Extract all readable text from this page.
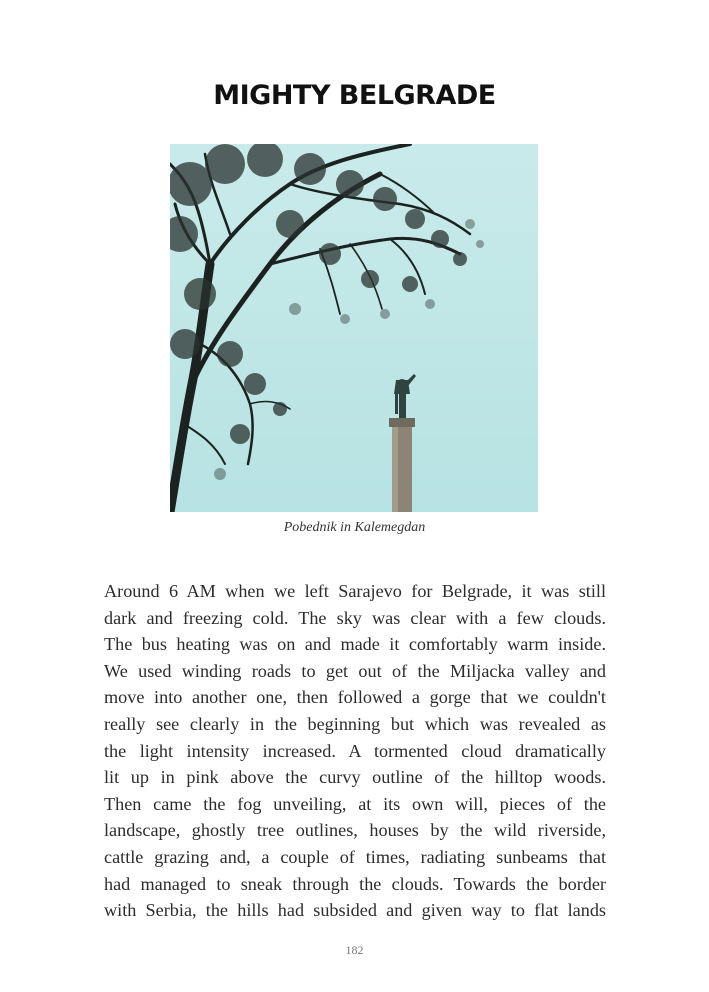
MIGHTY BELGRADE
Pobednik in Kalemegdan
Around 6 AM when we left Sarajevo for Belgrade, it was still
dark and freezing cold. The sky was clear with a few clouds.
The bus heating was on and made it comfortably warm inside.
We used winding roads to get out of the Miljacka valley and
move into another one, then followed a gorge that we couldn't
really see clearly in the beginning but which was revealed as
the light intensity increased. A tormented cloud dramatically
lit up in pink above the curvy outline of the hilltop woods.
Then came the fog unveiling, at its own will, pieces of the
landscape, ghostly tree outlines, houses by the wild riverside,
cattle grazing and, a couple of times, radiating sunbeams that
had managed to sneak through the clouds. Towards the border
with Serbia, the hills had subsided and given way to flat lands
182
